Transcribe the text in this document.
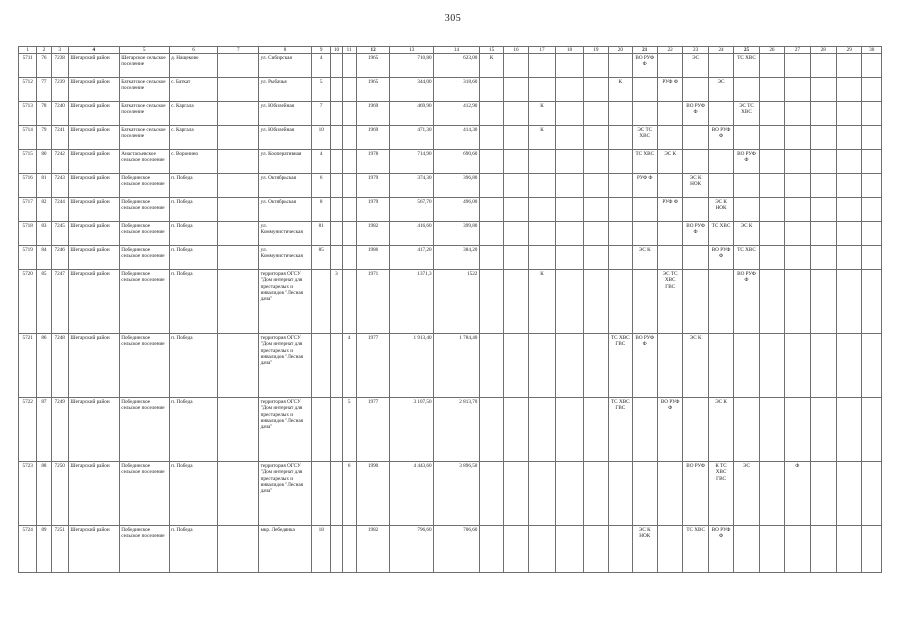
305
1	2	3	4	5	6	7	8	9	10	11	12	13	14	15	16	17	18	19	20	21	22	23	24	25	26	27	28	29	30
5711	76	7238	Шегарский район	Шегарское сельское поселение	д. Нащеково		ул. Сибирская	4			1965	710,80	623,00	К						ВО РУФ Ф		ЭС		ТС ХВС					
5712	77	7239	Шегарский район	Баткатское сельское поселение	с. Баткат		ул. Рыбачья	5			1965	344,00	318,60						К		РУФ Ф		ЭС						
5713	78	7240	Шегарский район	Баткатское сельское поселение	с. Каргала		ул. Юбилейная	7			1969	469,90	412,90			К						ВО РУФ Ф		ЭС ТС ХВС					
5714	79	7241	Шегарский район	Баткатское сельское поселение	с. Каргала		ул. Юбилейная	10			1969	471,30	414,30			К				ЭС ТС ХВС			ВО РУФ Ф						
5715	80	7242	Шегарский район	Анастасьевское сельское поселение	с. Воронино		ул. Кооперативная	4			1978	714,90	690,60							ТС ХВС	ЭС К			ВО РУФ Ф					
5716	81	7243	Шегарский район	Побединское сельское поселение	п. Победа		ул. Октябрьская	6			1979	374,30	396,80							РУФ Ф		ЭС К НОК							
5717	82	7244	Шегарский район	Побединское сельское поселение	п. Победа		ул. Октябрьская	8			1979	567,70	496,00								РУФ Ф		ЭС К НОК						
5718	83	7245	Шегарский район	Побединское сельское поселение	п. Победа		ул. Коммунистическая	81			1982	416,60	399,80									ВО РУФ Ф	ТС ХВС	ЭС К					
5719	84	7246	Шегарский район	Побединское сельское поселение	п. Победа		ул. Коммунистическая	85			1986	417,20	384,20							ЭС К			ВО РУФ Ф	ТС ХВС					
5720	85	7247	Шегарский район	Побединское сельское поселение	п. Победа		территория ОГСУ "Дом интернат для престарелых и инвалидов "Лесная дача"		3		1971	1371,3	1522			К					ЭС ТС ХВС ГВС			ВО РУФ Ф					
5721	86	7248	Шегарский район	Побединское сельское поселение	п. Победа		территория ОГСУ "Дом интернат для престарелых и инвалидов "Лесная дача"			4	1977	1 913,40	1 784,40						ТС ХВС ГВС	ВО РУФ Ф		ЭС К							
5722	87	7249	Шегарский район	Побединское сельское поселение	п. Победа		территория ОГСУ "Дом интернат для престарелых и инвалидов "Лесная дача"			5	1977	3 107,50	2 813,70						ТС ХВС ГВС		ВО РУФ Ф		ЭС К						
5723	88	7250	Шегарский район	Побединское сельское поселение	п. Победа		территория ОГСУ "Дом интернат для престарелых и инвалидов "Лесная дача"			6	1990	4 443,60	3 896,50									ВО РУФ	К ТС ХВС ГВС	ЭС		Ф			
5724	89	7251	Шегарский район	Побединское сельское поселение	п. Победа		мкр. Лебедянка	18			1982	796,60	706,60							ЭС К НОК		ТС ХВС	ВО РУФ Ф						
